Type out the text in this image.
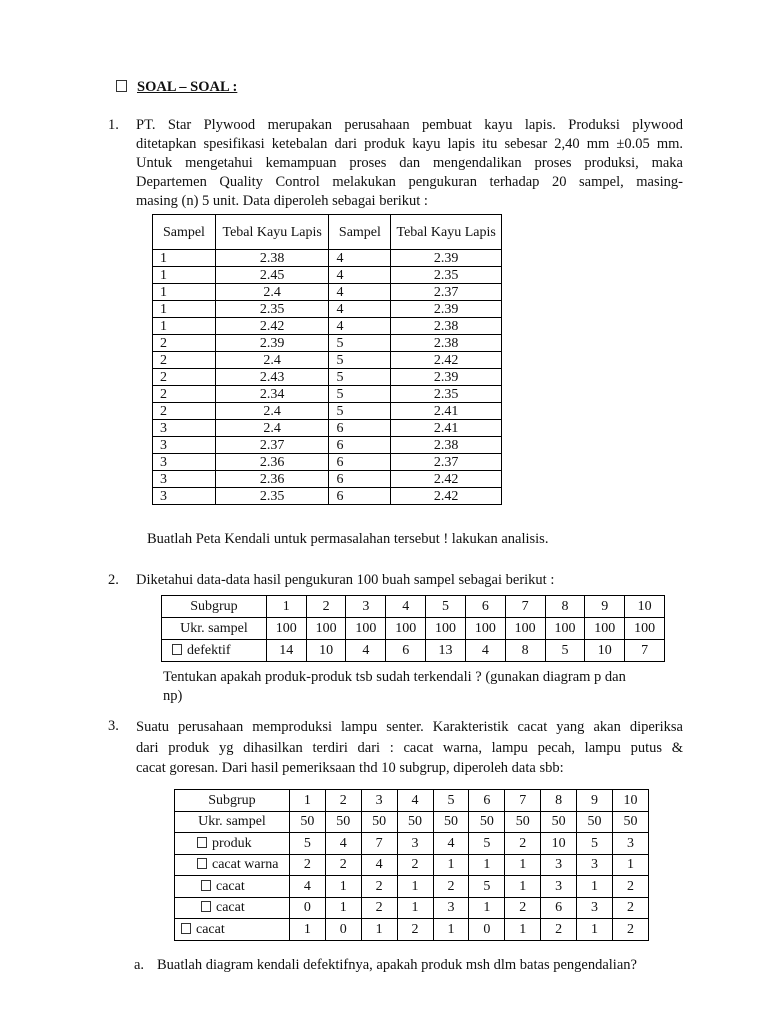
SOAL – SOAL :
1. PT. Star Plywood merupakan perusahaan pembuat kayu lapis. Produksi plywood
ditetapkan spesifikasi ketebalan dari produk kayu lapis itu sebesar 2,40 mm ±0.05 mm.
Untuk mengetahui kemampuan proses dan mengendalikan proses produksi, maka
Departemen Quality Control melakukan pengukuran terhadap 20 sampel, masing-
masing (n) 5 unit. Data diperoleh sebagai berikut :
Sampel	Tebal Kayu Lapis	Sampel	Tebal Kayu Lapis
1	2.38	4	2.39
1	2.45	4	2.35
1	2.4	4	2.37
1	2.35	4	2.39
1	2.42	4	2.38
2	2.39	5	2.38
2	2.4	5	2.42
2	2.43	5	2.39
2	2.34	5	2.35
2	2.4	5	2.41
3	2.4	6	2.41
3	2.37	6	2.38
3	2.36	6	2.37
3	2.36	6	2.42
3	2.35	6	2.42
Buatlah Peta Kendali untuk permasalahan tersebut ! lakukan analisis.
2. Diketahui data-data hasil pengukuran 100 buah sampel sebagai berikut :
Subgrup	1	2	3	4	5	6	7	8	9	10
Ukr. sampel	100	100	100	100	100	100	100	100	100	100
defektif	14	10	4	6	13	4	8	5	10	7
Tentukan apakah produk-produk tsb sudah terkendali ? (gunakan diagram p dan
np)
3. Suatu perusahaan memproduksi lampu senter. Karakteristik cacat yang akan diperiksa
dari produk yg dihasilkan terdiri dari : cacat warna, lampu pecah, lampu putus &
cacat goresan. Dari hasil pemeriksaan thd 10 subgrup, diperoleh data sbb:
Subgrup	1	2	3	4	5	6	7	8	9	10
Ukr. sampel	50	50	50	50	50	50	50	50	50	50
produk	5	4	7	3	4	5	2	10	5	3
cacat warna	2	2	4	2	1	1	1	3	3	1
cacat	4	1	2	1	2	5	1	3	1	2
cacat	0	1	2	1	3	1	2	6	3	2
cacat	1	0	1	2	1	0	1	2	1	2
a. Buatlah diagram kendali defektifnya, apakah produk msh dlm batas pengendalian?
